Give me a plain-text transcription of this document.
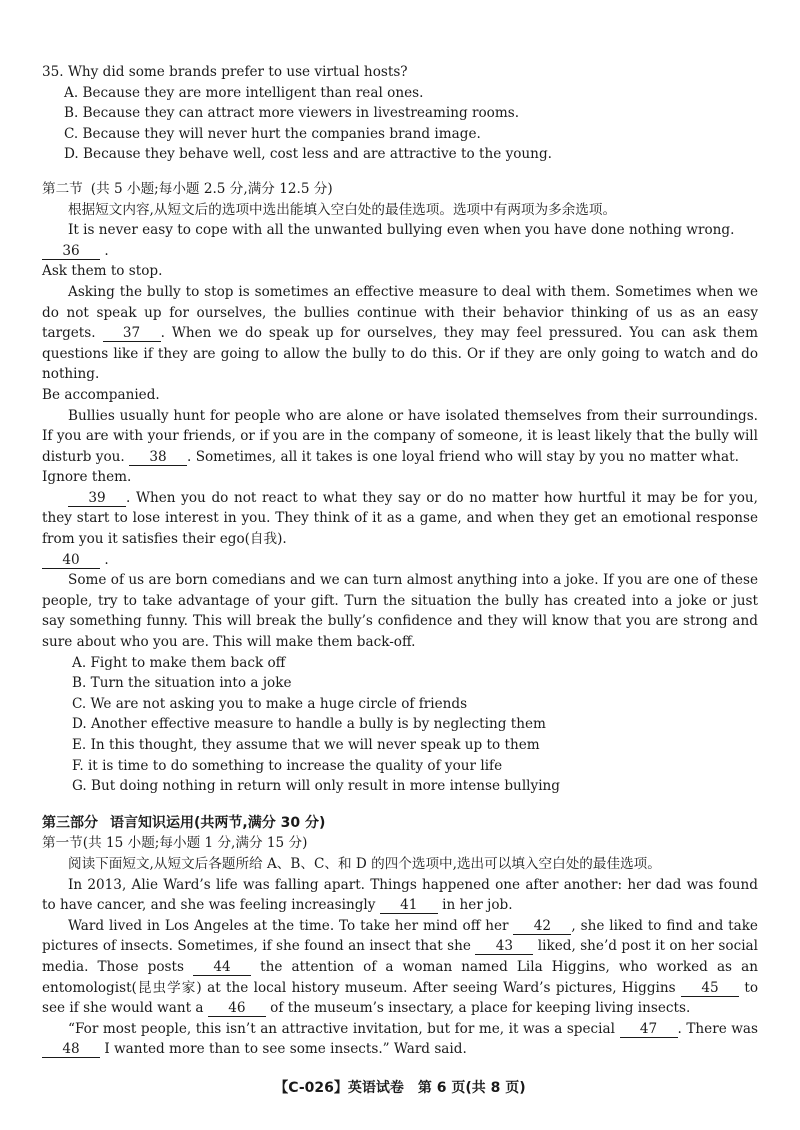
35. Why did some brands prefer to use virtual hosts?

A. Because they are more intelligent than real ones.

B. Because they can attract more viewers in livestreaming rooms.

C. Because they will never hurt the companies brand image.

D. Because they behave well, cost less and are attractive to the young.

第二节 (共 5 小题;每小题 2.5 分,满分 12.5 分)

根据短文内容,从短文后的选项中选出能填入空白处的最佳选项。选项中有两项为多余选项。

It is never easy to cope with all the unwanted bullying even when you have done nothing wrong.

36 .

Ask them to stop.

Asking the bully to stop is sometimes an effective measure to deal with them. Sometimes when we do not speak up for ourselves, the bullies continue with their behavior thinking of us as an easy targets. 37 . When we do speak up for ourselves, they may feel pressured. You can ask them questions like if they are going to allow the bully to do this. Or if they are only going to watch and do nothing.

Be accompanied.

Bullies usually hunt for people who are alone or have isolated themselves from their surroundings. If you are with your friends, or if you are in the company of someone, it is least likely that the bully will disturb you. 38 . Sometimes, all it takes is one loyal friend who will stay by you no matter what.

Ignore them.

39 . When you do not react to what they say or do no matter how hurtful it may be for you, they start to lose interest in you. They think of it as a game, and when they get an emotional response from you it satisfies their ego(自我).

40 .

Some of us are born comedians and we can turn almost anything into a joke. If you are one of these people, try to take advantage of your gift. Turn the situation the bully has created into a joke or just say something funny. This will break the bully’s confidence and they will know that you are strong and sure about who you are. This will make them back-off.

A. Fight to make them back off

B. Turn the situation into a joke

C. We are not asking you to make a huge circle of friends

D. Another effective measure to handle a bully is by neglecting them

E. In this thought, they assume that we will never speak up to them

F. it is time to do something to increase the quality of your life

G. But doing nothing in return will only result in more intense bullying

第三部分 语言知识运用(共两节,满分 30 分)

第一节(共 15 小题;每小题 1 分,满分 15 分)

阅读下面短文,从短文后各题所给 A、B、C、和 D 的四个选项中,选出可以填入空白处的最佳选项。

In 2013, Alie Ward’s life was falling apart. Things happened one after another: her dad was found to have cancer, and she was feeling increasingly 41 in her job.

Ward lived in Los Angeles at the time. To take her mind off her 42 , she liked to find and take pictures of insects. Sometimes, if she found an insect that she 43 liked, she’d post it on her social media. Those posts 44 the attention of a woman named Lila Higgins, who worked as an entomologist(昆虫学家) at the local history museum. After seeing Ward’s pictures, Higgins 45 to see if she would want a 46 of the museum’s insectary, a place for keeping living insects.

“For most people, this isn’t an attractive invitation, but for me, it was a special 47 . There was 48 I wanted more than to see some insects.” Ward said.

【C-026】英语试卷 第 6 页(共 8 页)
